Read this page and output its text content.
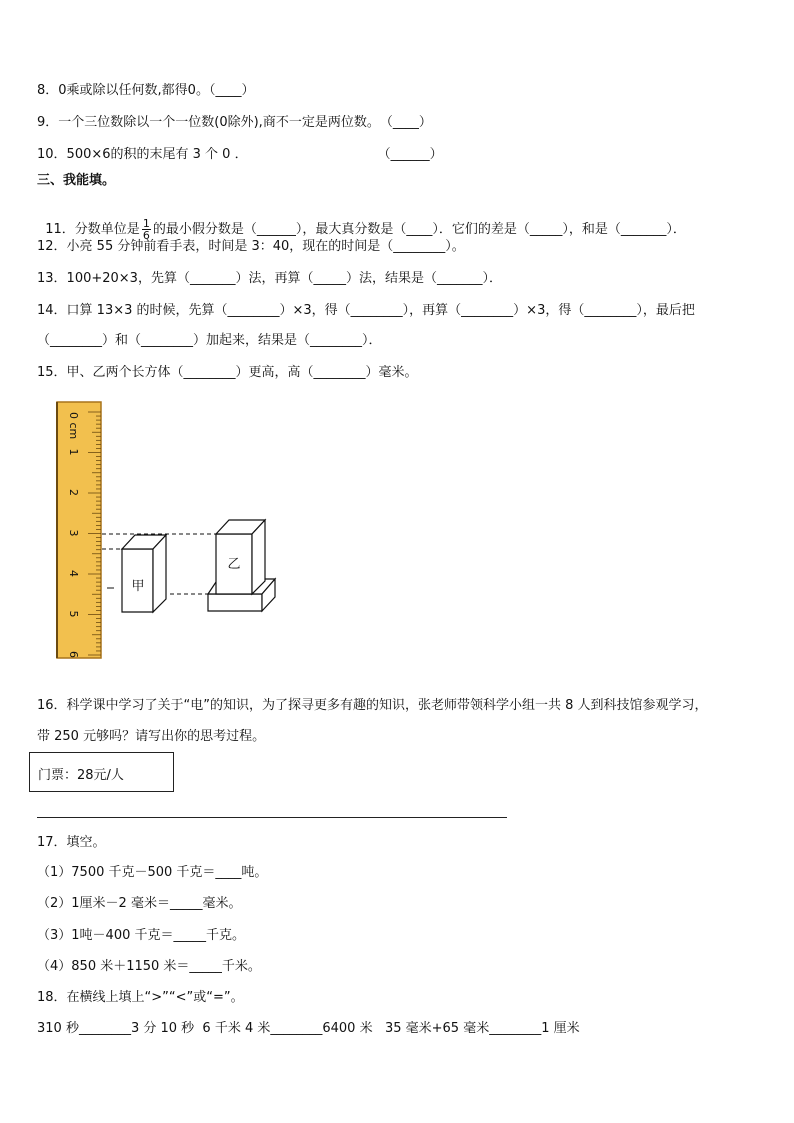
8．0乘或除以任何数,都得0。（____）
9．一个三位数除以一个一位数(0除外),商不一定是两位数。　（____）
10．500×6的积的末尾有 3 个 0 ．　　　　　　　　　　　（______）
三、我能填。

11．分数单位是 $\frac{1}{6}$ 的最小假分数是（______），最大真分数是（____）．它们的差是（_____），和是（_______）．

12．小亮 55 分钟前看手表，时间是 3：40，现在的时间是（________）。
13．100+20×3，先算（_______）法，再算（_____）法，结果是（_______）．
14．口算 13×3 的时候，先算（________）×3，得（________），再算（________）×3，得（________），最后把
（________）和（________）加起来，结果是（________）．
15．甲、乙两个长方体（________）更高，高（________）毫米。
1
2
3
4
5
6
0 cm
甲
乙
16．科学课中学习了关于“电”的知识，为了探寻更多有趣的知识，张老师带领科学小组一共 8 人到科技馆参观学习，
带 250 元够吗？请写出你的思考过程。
门票：28元/人
17．填空。
（1）7500 千克－500 千克＝____吨。
（2）1厘米－2 毫米＝_____毫米。
（3）1吨－400 千克＝_____千克。
（4）850 米＋1150 米＝_____千米。
18．在横线上填上“>”“<”或“=”。
310 秒________3 分 10 秒  6 千米 4 米________6400 米   35 毫米+65 毫米________1 厘米
